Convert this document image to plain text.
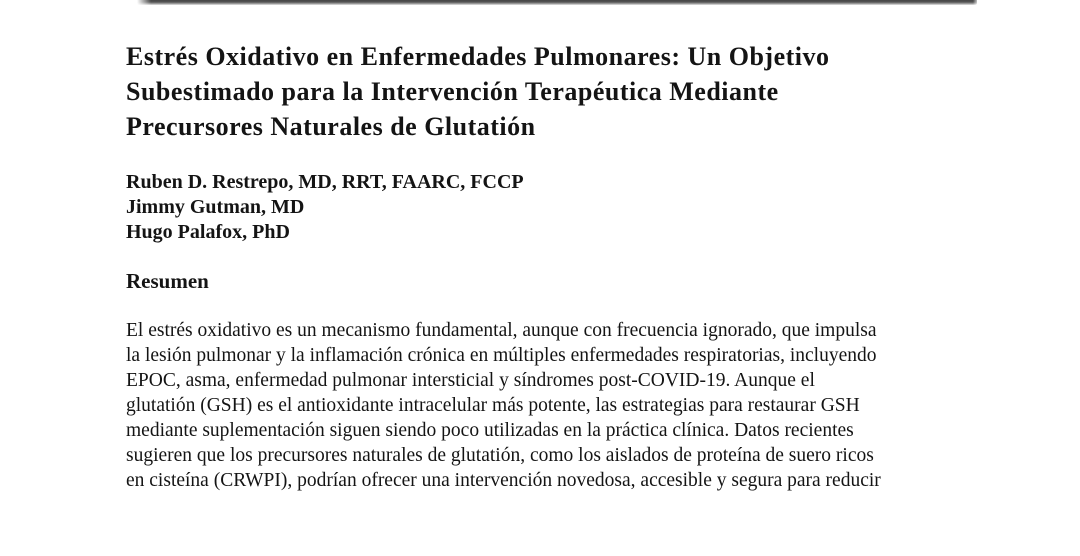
Estrés Oxidativo en Enfermedades Pulmonares: Un Objetivo
Subestimado para la Intervención Terapéutica Mediante
Precursores Naturales de Glutatión
Ruben D. Restrepo, MD, RRT, FAARC, FCCP
Jimmy Gutman, MD
Hugo Palafox, PhD
Resumen
El estrés oxidativo es un mecanismo fundamental, aunque con frecuencia ignorado, que impulsa
la lesión pulmonar y la inflamación crónica en múltiples enfermedades respiratorias, incluyendo
EPOC, asma, enfermedad pulmonar intersticial y síndromes post-COVID-19. Aunque el
glutatión (GSH) es el antioxidante intracelular más potente, las estrategias para restaurar GSH
mediante suplementación siguen siendo poco utilizadas en la práctica clínica. Datos recientes
sugieren que los precursores naturales de glutatión, como los aislados de proteína de suero ricos
en cisteína (CRWPI), podrían ofrecer una intervención novedosa, accesible y segura para reducir
